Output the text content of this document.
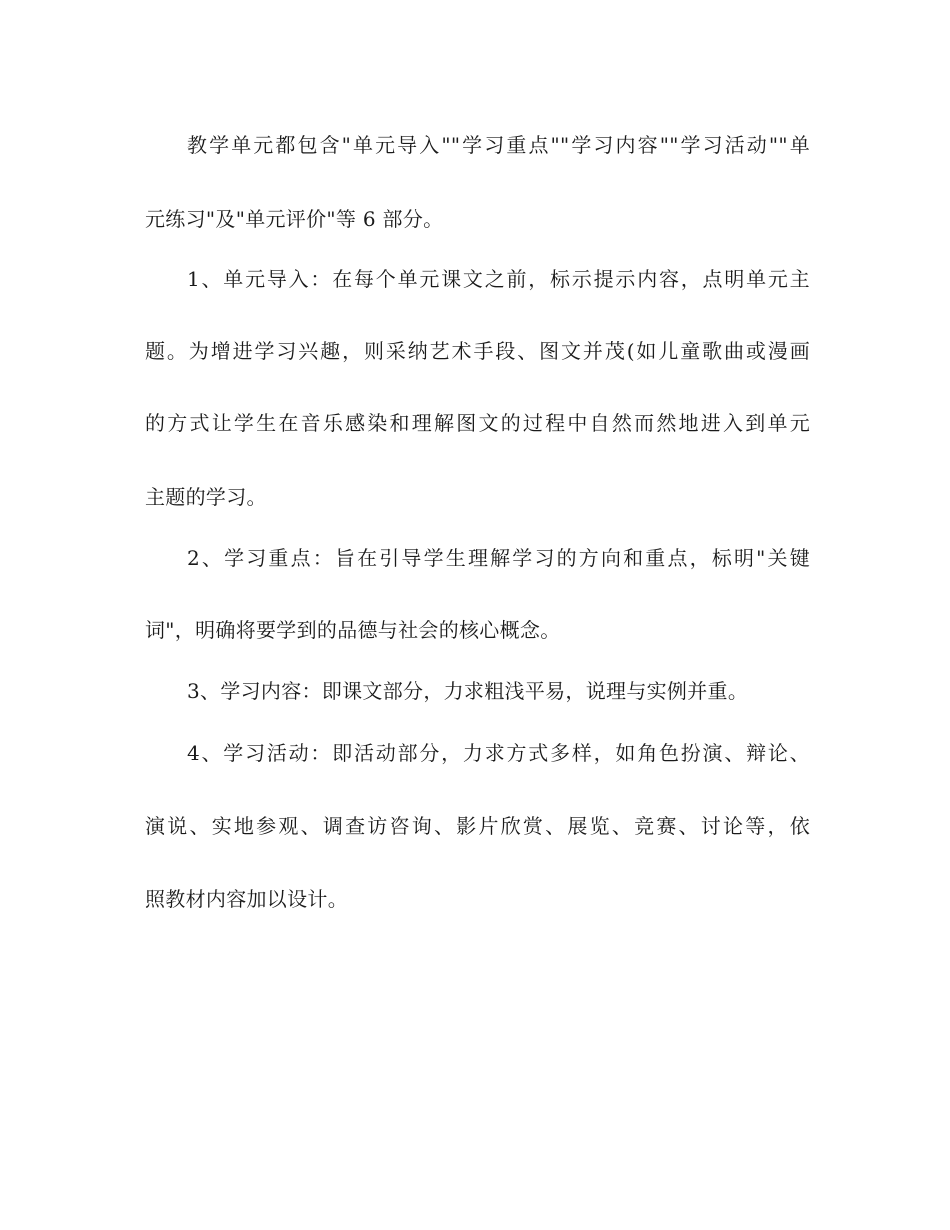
教学单元都包含"单元导入""学习重点""学习内容""学习活动""单
元练习"及"单元评价"等 6 部分。
1、单元导入：在每个单元课文之前，标示提示内容，点明单元主
题。为增进学习兴趣，则采纳艺术手段、图文并茂(如儿童歌曲或漫画
的方式让学生在音乐感染和理解图文的过程中自然而然地进入到单元
主题的学习。
2、学习重点：旨在引导学生理解学习的方向和重点，标明"关键
词"，明确将要学到的品德与社会的核心概念。
3、学习内容：即课文部分，力求粗浅平易，说理与实例并重。
4、学习活动：即活动部分，力求方式多样，如角色扮演、辩论、
演说、实地参观、调查访咨询、影片欣赏、展览、竞赛、讨论等，依
照教材内容加以设计。
